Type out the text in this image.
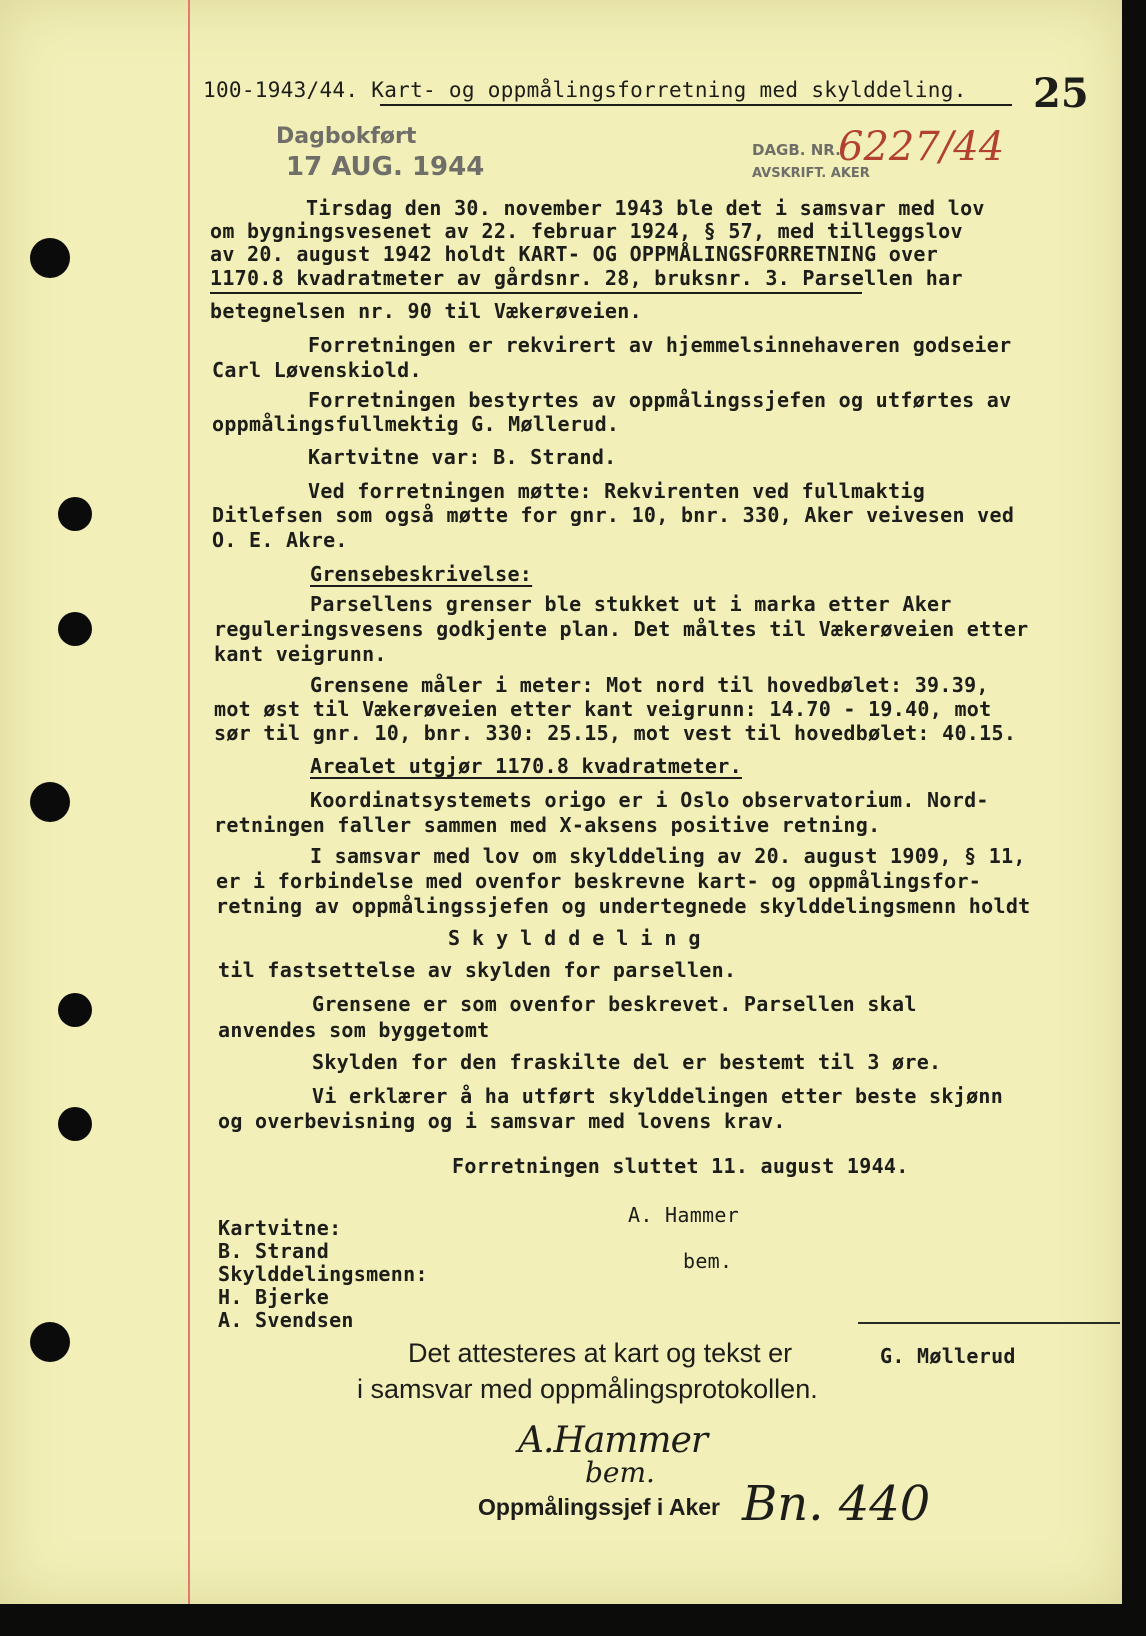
100-1943/44. Kart- og oppmålingsforretning med skylddeling. 25
Dagbokført
17 AUG. 1944
DAGB. NR.
AVSKRIFT. AKER
6227/44
Tirsdag den 30. november 1943 ble det i samsvar med lov
om bygningsvesenet av 22. februar 1924, § 57, med tilleggslov
av 20. august 1942 holdt KART- OG OPPMÅLINGSFORRETNING over
1170.8 kvadratmeter av gårdsnr. 28, bruksnr. 3. Parsellen har
betegnelsen nr. 90 til Vækerøveien.
Forretningen er rekvirert av hjemmelsinnehaveren godseier
Carl Løvenskiold.
Forretningen bestyrtes av oppmålingssjefen og utførtes av
oppmålingsfullmektig G. Møllerud.
Kartvitne var: B. Strand.
Ved forretningen møtte: Rekvirenten ved fullmaktig
Ditlefsen som også møtte for gnr. 10, bnr. 330, Aker veivesen ved
O. E. Akre.
Grensebeskrivelse:
Parsellens grenser ble stukket ut i marka etter Aker
reguleringsvesens godkjente plan. Det måltes til Vækerøveien etter
kant veigrunn.
Grensene måler i meter: Mot nord til hovedbølet: 39.39,
mot øst til Vækerøveien etter kant veigrunn: 14.70 - 19.40, mot
sør til gnr. 10, bnr. 330: 25.15, mot vest til hovedbølet: 40.15.
Arealet utgjør 1170.8 kvadratmeter.
Koordinatsystemets origo er i Oslo observatorium. Nord-
retningen faller sammen med X-aksens positive retning.
I samsvar med lov om skylddeling av 20. august 1909, § 11,
er i forbindelse med ovenfor beskrevne kart- og oppmålingsfor-
retning av oppmålingssjefen og undertegnede skylddelingsmenn holdt
Skylddeling
til fastsettelse av skylden for parsellen.
Grensene er som ovenfor beskrevet. Parsellen skal
anvendes som byggetomt
Skylden for den fraskilte del er bestemt til 3 øre.
Vi erklærer å ha utført skylddelingen etter beste skjønn
og overbevisning og i samsvar med lovens krav.
Forretningen sluttet 11. august 1944.
A. Hammer
bem.
Kartvitne:
B. Strand
Skylddelingsmenn:
H. Bjerke
A. Svendsen
G. Møllerud
Det attesteres at kart og tekst er
i samsvar med oppmålingsprotokollen.
A.Hammer
bem.
Oppmålingssjef i Aker Bn. 440
